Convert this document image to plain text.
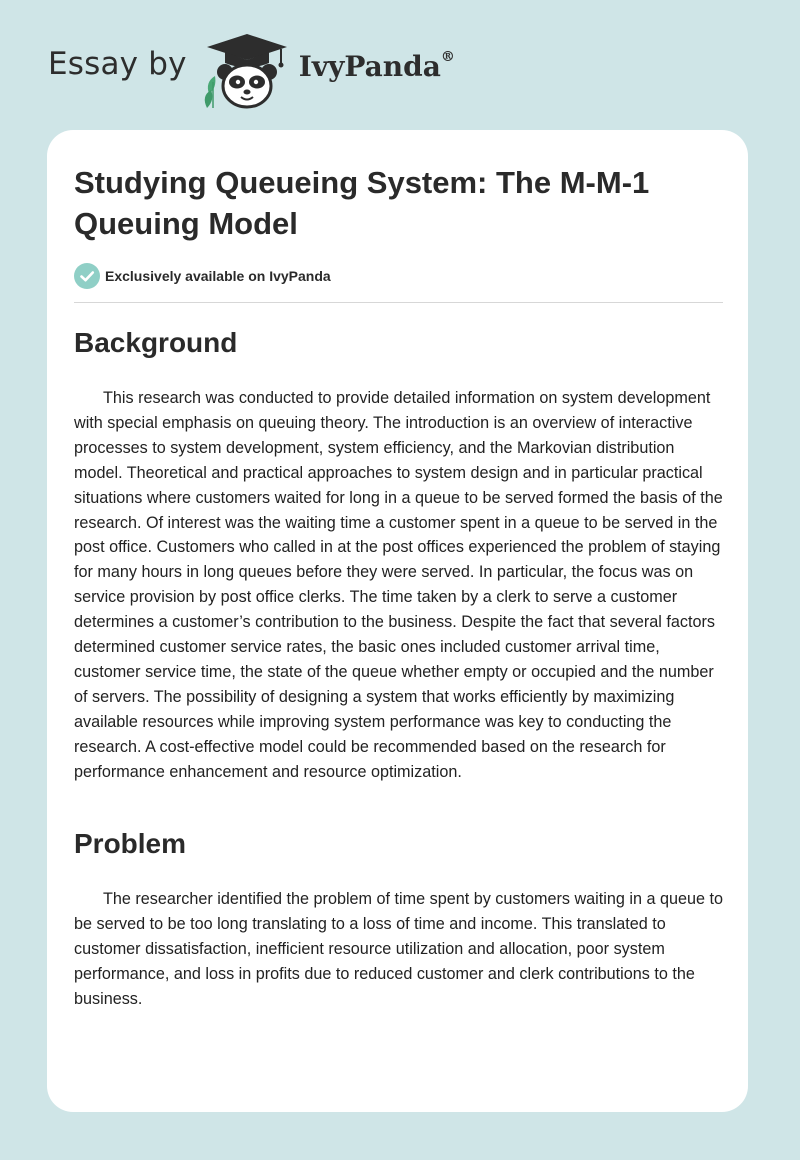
Essay by	IvyPanda®
Studying Queueing System: The M-M-1 Queuing Model
Exclusively available on IvyPanda
Background

This research was conducted to provide detailed information on system development with special emphasis on queuing theory. The introduction is an overview of interactive processes to system development, system efficiency, and the Markovian distribution model. Theoretical and practical approaches to system design and in particular practical situations where customers waited for long in a queue to be served formed the basis of the research. Of interest was the waiting time a customer spent in a queue to be served in the post office. Customers who called in at the post offices experienced the problem of staying for many hours in long queues before they were served. In particular, the focus was on service provision by post office clerks. The time taken by a clerk to serve a customer determines a customer’s contribution to the business. Despite the fact that several factors determined customer service rates, the basic ones included customer arrival time, customer service time, the state of the queue whether empty or occupied and the number of servers. The possibility of designing a system that works efficiently by maximizing available resources while improving system performance was key to conducting the research. A cost-effective model could be recommended based on the research for performance enhancement and resource optimization.

Problem

The researcher identified the problem of time spent by customers waiting in a queue to be served to be too long translating to a loss of time and income. This translated to customer dissatisfaction, inefficient resource utilization and allocation, poor system performance, and loss in profits due to reduced customer and clerk contributions to the business.
